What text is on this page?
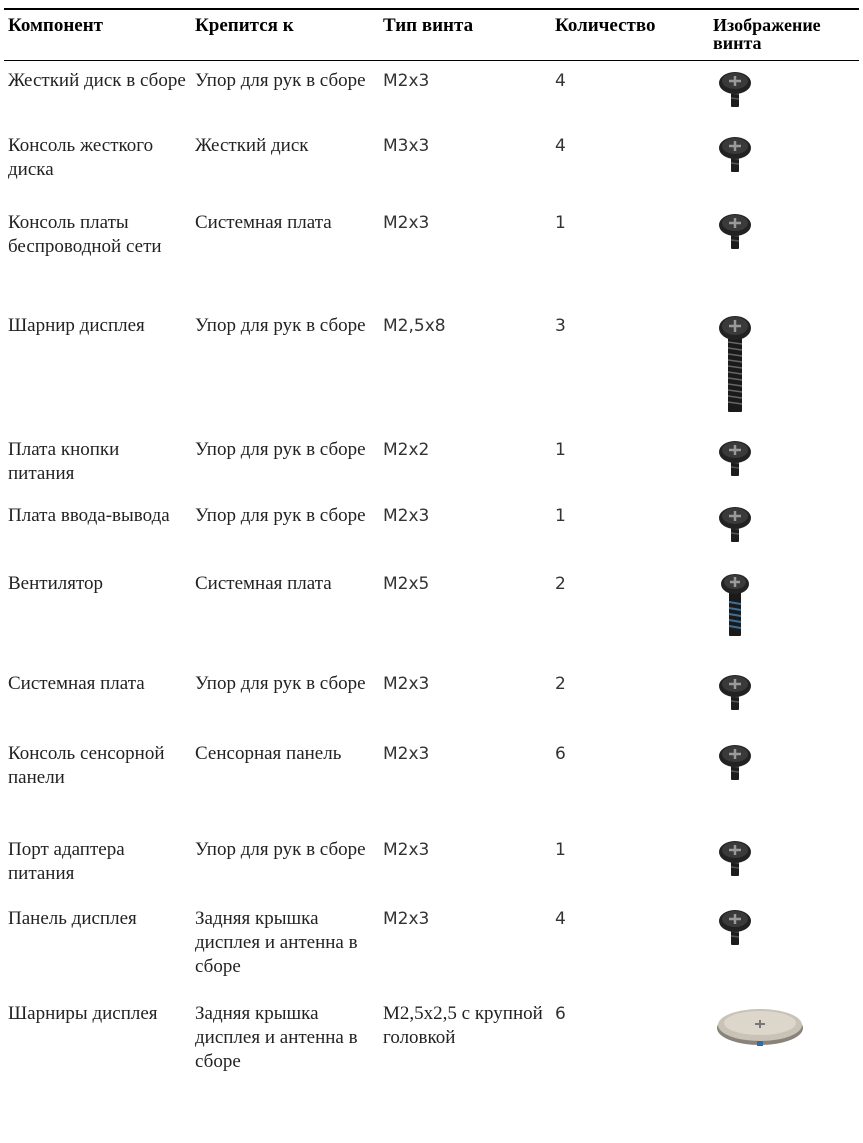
Компонент	Крепится к	Тип винта	Количество	Изображение винта
Жесткий диск в сборе	Упор для рук в сборе	M2x3	4	

Консоль жесткого диска	Жесткий диск	M3x3	4	

Консоль платы беспроводной сети	Системная плата	M2x3	1	

Шарнир дисплея	Упор для рук в сборе	M2,5x8	3	

Плата кнопки питания	Упор для рук в сборе	M2x2	1	

Плата ввода-вывода	Упор для рук в сборе	M2x3	1	

Вентилятор	Системная плата	M2x5	2	

Системная плата	Упор для рук в сборе	M2x3	2	

Консоль сенсорной панели	Сенсорная панель	M2x3	6	

Порт адаптера питания	Упор для рук в сборе	M2x3	1	

Панель дисплея	Задняя крышка дисплея и антенна в сборе	M2x3	4	

Шарниры дисплея	Задняя крышка дисплея и антенна в сборе	M2,5x2,5 с крупной головкой	6	
